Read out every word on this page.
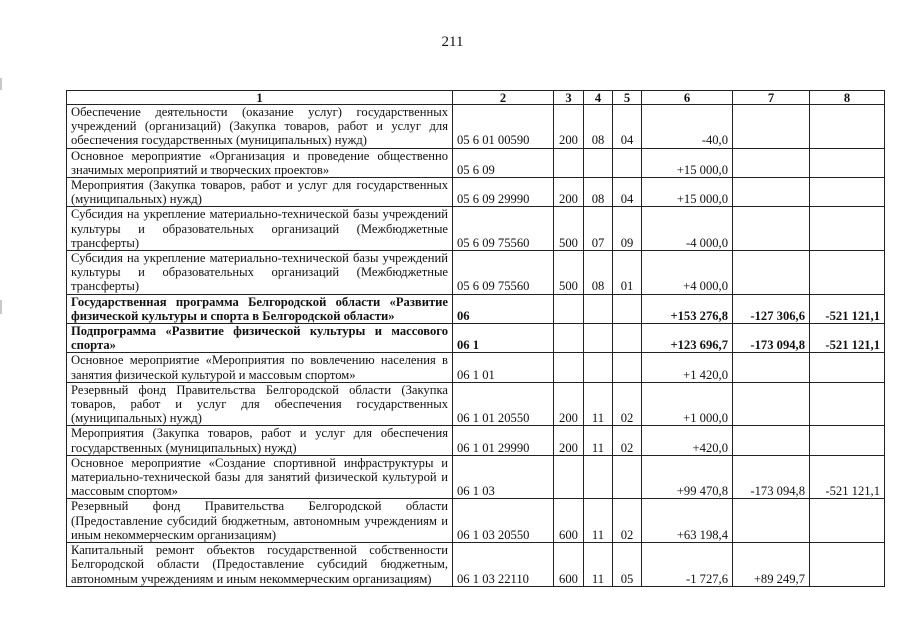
211
1	2	3	4	5	6	7	8
Обеспечение деятельности (оказание услуг) государственных учреждений (организаций) (Закупка товаров, работ и услуг для обеспечения государственных (муниципальных) нужд)	05 6 01 00590	200	08	04	-40,0		
Основное мероприятие «Организация и проведение общественно значимых мероприятий и творческих проектов»	05 6 09				+15 000,0		
Мероприятия (Закупка товаров, работ и услуг для государственных (муниципальных) нужд)	05 6 09 29990	200	08	04	+15 000,0		
Субсидия на укрепление материально-технической базы учреждений культуры и образовательных организаций (Межбюджетные трансферты)	05 6 09 75560	500	07	09	-4 000,0		
Субсидия на укрепление материально-технической базы учреждений культуры и образовательных организаций (Межбюджетные трансферты)	05 6 09 75560	500	08	01	+4 000,0		
Государственная программа Белгородской области «Развитие физической культуры и спорта в Белгородской области»	06				+153 276,8	-127 306,6	-521 121,1
Подпрограмма «Развитие физической культуры и массового спорта»	06 1				+123 696,7	-173 094,8	-521 121,1
Основное мероприятие «Мероприятия по вовлечению населения в занятия физической культурой и массовым спортом»	06 1 01				+1 420,0		
Резервный фонд Правительства Белгородской области (Закупка товаров, работ и услуг для обеспечения государственных (муниципальных) нужд)	06 1 01 20550	200	11	02	+1 000,0		
Мероприятия (Закупка товаров, работ и услуг для обеспечения государственных (муниципальных) нужд)	06 1 01 29990	200	11	02	+420,0		
Основное мероприятие «Создание спортивной инфраструктуры и материально-технической базы для занятий физической культурой и массовым спортом»	06 1 03				+99 470,8	-173 094,8	-521 121,1
Резервный фонд Правительства Белгородской области (Предоставление субсидий бюджетным, автономным учреждениям и иным некоммерческим организациям)	06 1 03 20550	600	11	02	+63 198,4		
Капитальный ремонт объектов государственной собственности Белгородской области (Предоставление субсидий бюджетным, автономным учреждениям и иным некоммерческим организациям)	06 1 03 22110	600	11	05	-1 727,6	+89 249,7	
